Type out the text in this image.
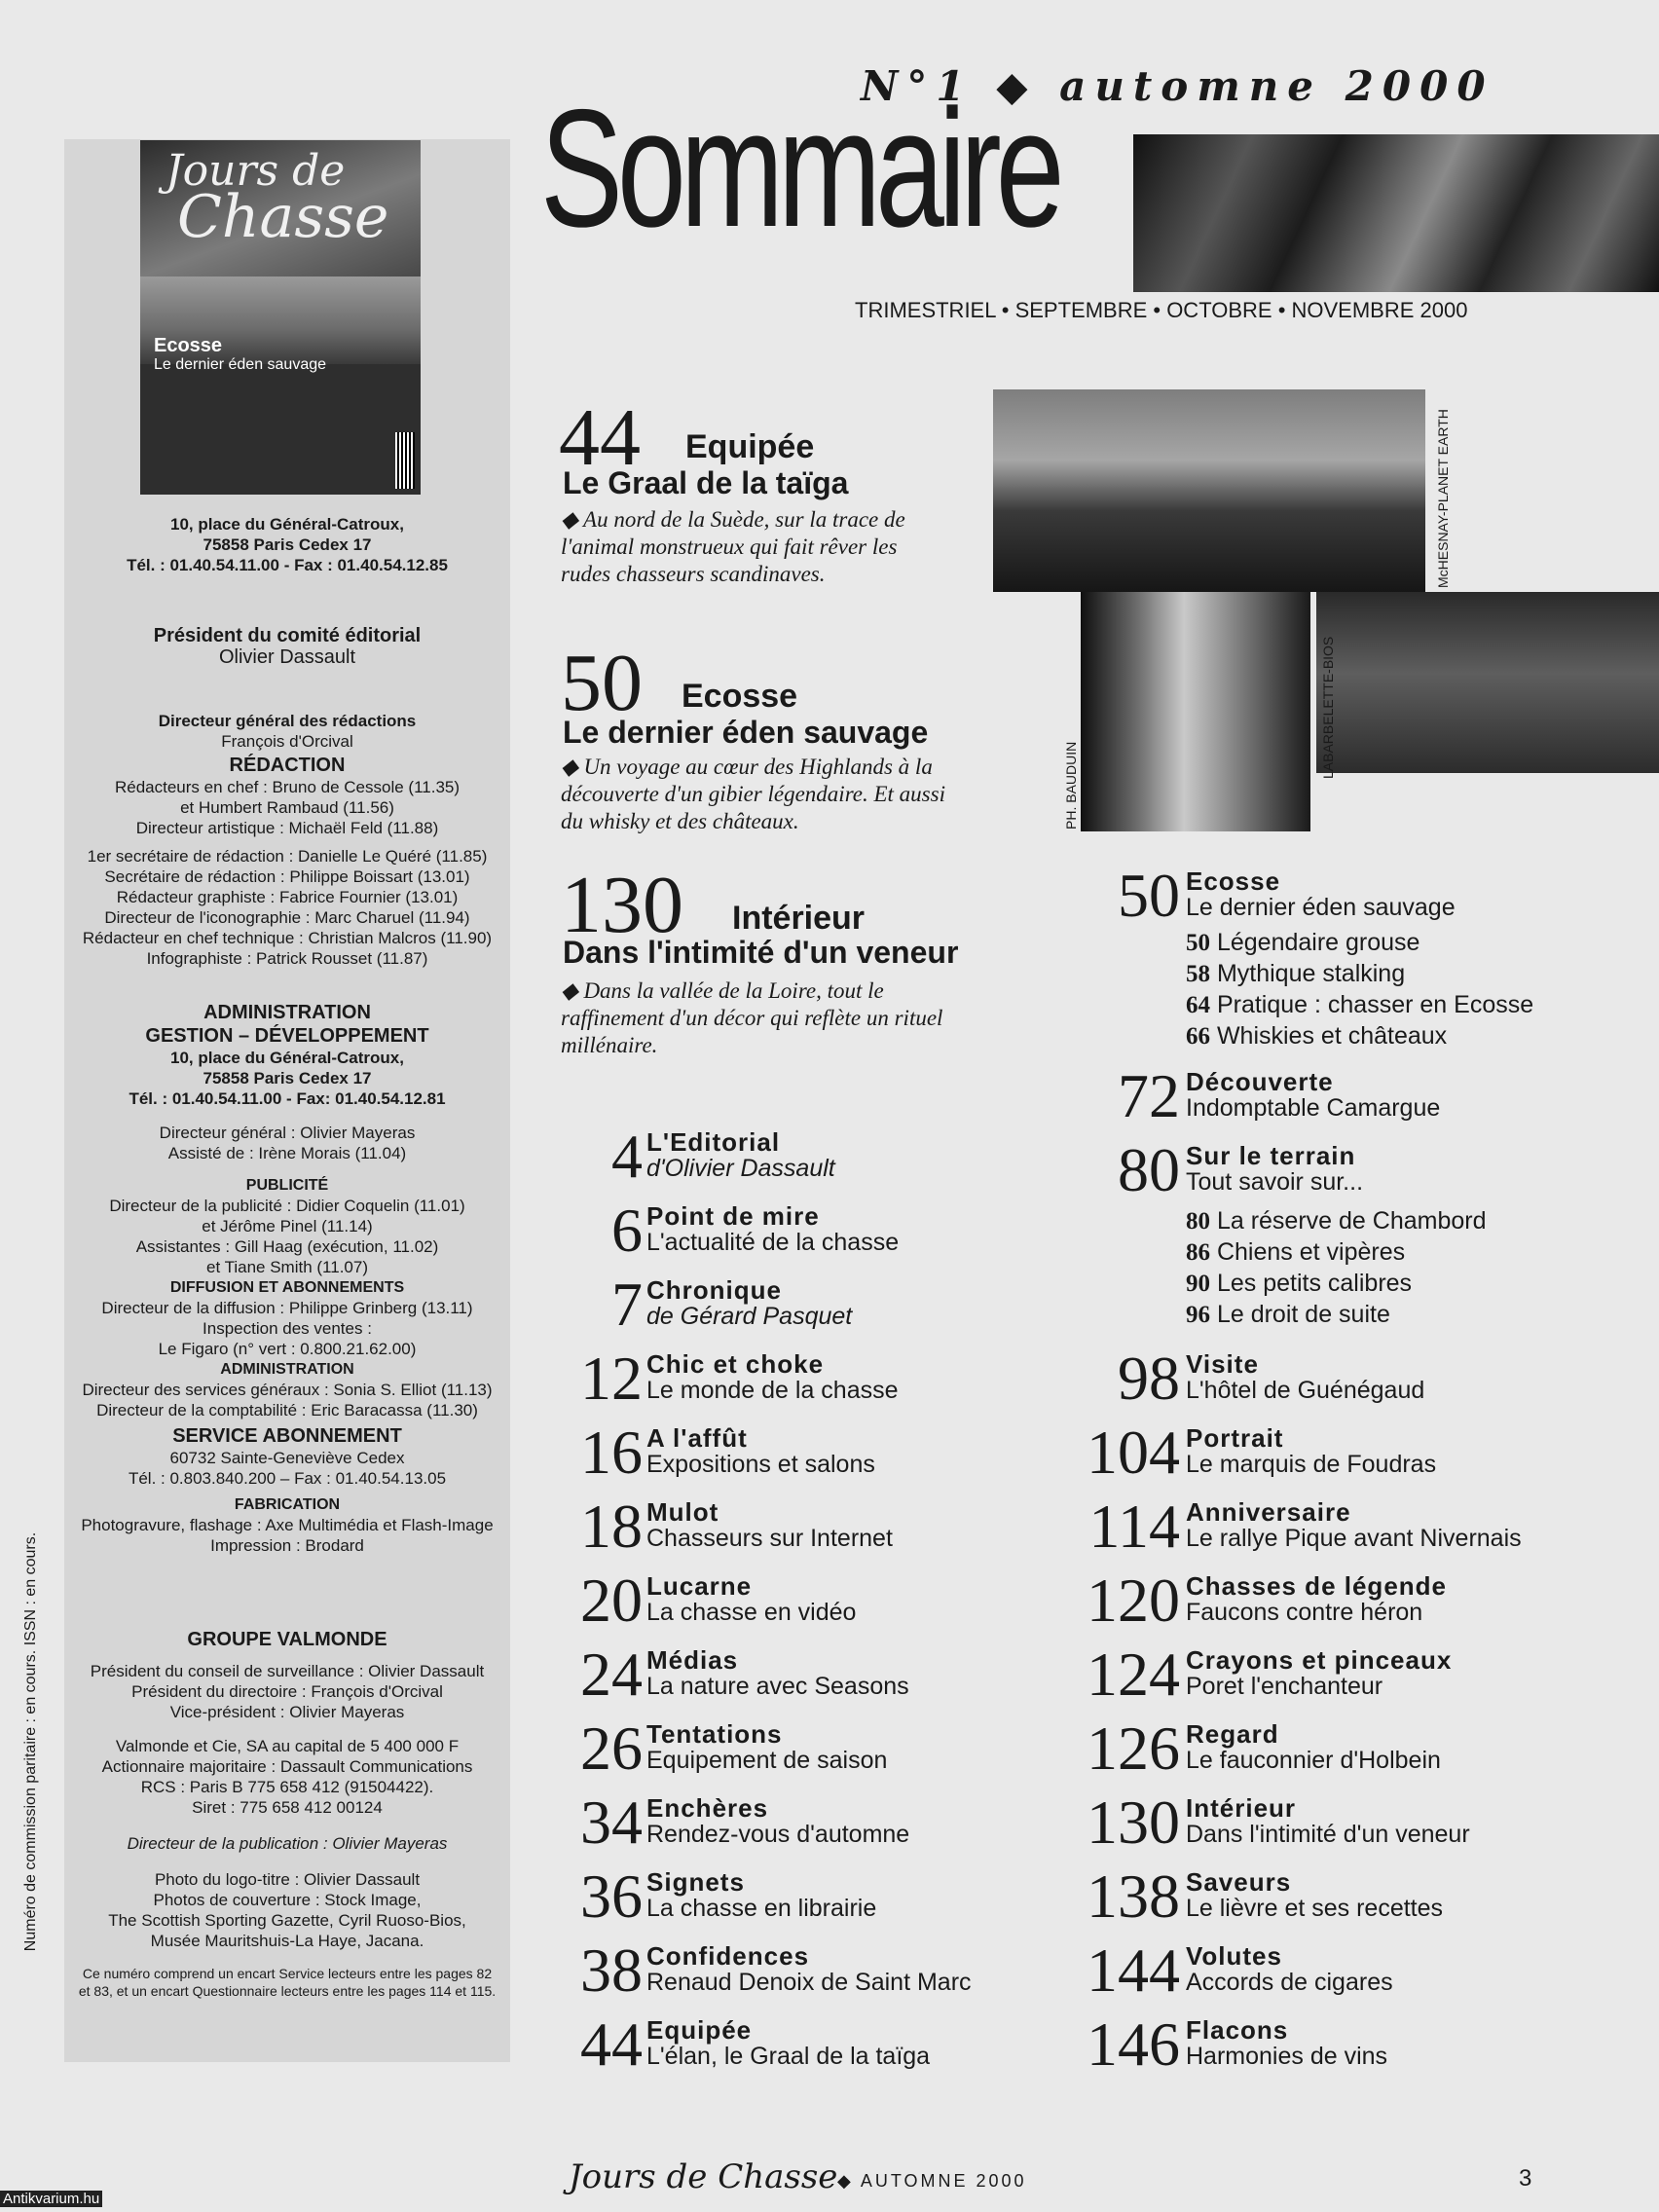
Jours de
Chasse
Ecosse
Le dernier éden sauvage
10, place du Général-Catroux,
75858 Paris Cedex 17
Tél. : 01.40.54.11.00 - Fax : 01.40.54.12.85
Président du comité éditorial
Olivier Dassault
Directeur général des rédactions
François d'Orcival
RÉDACTION
Rédacteurs en chef : Bruno de Cessole (11.35)
et Humbert Rambaud (11.56)
Directeur artistique : Michaël Feld (11.88)
1er secrétaire de rédaction : Danielle Le Quéré (11.85)
Secrétaire de rédaction : Philippe Boissart (13.01)
Rédacteur graphiste : Fabrice Fournier (13.01)
Directeur de l'iconographie : Marc Charuel (11.94)
Rédacteur en chef technique : Christian Malcros (11.90)
Infographiste : Patrick Rousset (11.87)
ADMINISTRATION
GESTION – DÉVELOPPEMENT
10, place du Général-Catroux,
75858 Paris Cedex 17
Tél. : 01.40.54.11.00 - Fax: 01.40.54.12.81
Directeur général : Olivier Mayeras
Assisté de : Irène Morais (11.04)
PUBLICITÉ
Directeur de la publicité : Didier Coquelin (11.01)
et Jérôme Pinel (11.14)
Assistantes : Gill Haag (exécution, 11.02)
et Tiane Smith (11.07)
DIFFUSION ET ABONNEMENTS
Directeur de la diffusion : Philippe Grinberg (13.11)
Inspection des ventes :
Le Figaro (n° vert : 0.800.21.62.00)
ADMINISTRATION
Directeur des services généraux : Sonia S. Elliot (11.13)
Directeur de la comptabilité : Eric Baracassa (11.30)
SERVICE ABONNEMENT
60732 Sainte-Geneviève Cedex
Tél. : 0.803.840.200 – Fax : 01.40.54.13.05
FABRICATION
Photogravure, flashage : Axe Multimédia et Flash-Image
Impression : Brodard
GROUPE VALMONDE
Président du conseil de surveillance : Olivier Dassault
Président du directoire : François d'Orcival
Vice-président : Olivier Mayeras
Valmonde et Cie, SA au capital de 5 400 000 F
Actionnaire majoritaire : Dassault Communications
RCS : Paris B 775 658 412 (91504422).
Siret : 775 658 412 00124
Directeur de la publication : Olivier Mayeras
Photo du logo-titre : Olivier Dassault
Photos de couverture : Stock Image,
The Scottish Sporting Gazette, Cyril Ruoso-Bios,
Musée Mauritshuis-La Haye, Jacana.
Ce numéro comprend un encart Service lecteurs entre les pages 82
et 83, et un encart Questionnaire lecteurs entre les pages 114 et 115.
Numéro de commission paritaire : en cours. ISSN : en cours.
N°1 ◆ automne 2000
Sommaire
TRIMESTRIEL • SEPTEMBRE • OCTOBRE • NOVEMBRE 2000
44 Equipée
Le Graal de la taïga
◆ Au nord de la Suède, sur la trace de l'animal monstrueux qui fait rêver les rudes chasseurs scandinaves.
50 Ecosse
Le dernier éden sauvage
◆ Un voyage au cœur des Highlands à la découverte d'un gibier légendaire. Et aussi du whisky et des châteaux.
130 Intérieur
Dans l'intimité d'un veneur
◆ Dans la vallée de la Loire, tout le raffinement d'un décor qui reflète un rituel millénaire.
McHESNAY-PLANET EARTH
LABARBELETTE-BIOS
PH. BAUDUIN
4 L'Editorial
d'Olivier Dassault
6 Point de mire
L'actualité de la chasse
7 Chronique
de Gérard Pasquet
12 Chic et choke
Le monde de la chasse
16 A l'affût
Expositions et salons
18 Mulot
Chasseurs sur Internet
20 Lucarne
La chasse en vidéo
24 Médias
La nature avec Seasons
26 Tentations
Equipement de saison
34 Enchères
Rendez-vous d'automne
36 Signets
La chasse en librairie
38 Confidences
Renaud Denoix de Saint Marc
44 Equipée
L'élan, le Graal de la taïga
50 Ecosse
Le dernier éden sauvage
72 Découverte
Indomptable Camargue
80 Sur le terrain
Tout savoir sur...
98 Visite
L'hôtel de Guénégaud
104 Portrait
Le marquis de Foudras
114 Anniversaire
Le rallye Pique avant Nivernais
120 Chasses de légende
Faucons contre héron
124 Crayons et pinceaux
Poret l'enchanteur
126 Regard
Le fauconnier d'Holbein
130 Intérieur
Dans l'intimité d'un veneur
138 Saveurs
Le lièvre et ses recettes
144 Volutes
Accords de cigares
146 Flacons
Harmonies de vins
50 Légendaire grouse
58 Mythique stalking
64 Pratique : chasser en Ecosse
66 Whiskies et châteaux
80 La réserve de Chambord
86 Chiens et vipères
90 Les petits calibres
96 Le droit de suite
Jours de Chasse ◆ AUTOMNE 2000	3
Antikvarium.hu
